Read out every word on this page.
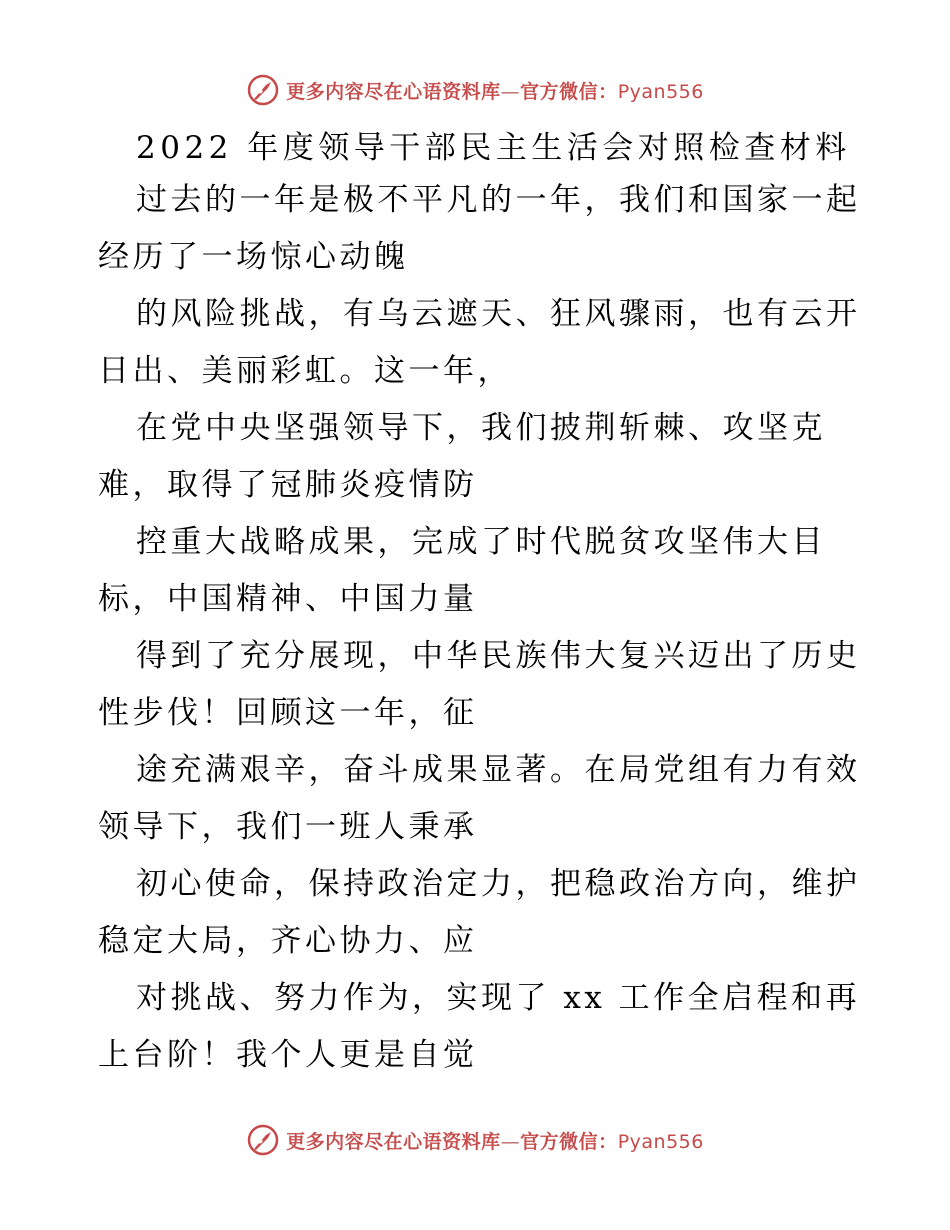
更多内容尽在心语资料库—官方微信：Pyan556
2022 年度领导干部民主生活会对照检查材料
过去的一年是极不平凡的一年，我们和国家一起
经历了一场惊心动魄
的风险挑战，有乌云遮天、狂风骤雨，也有云开
日出、美丽彩虹。这一年，
在党中央坚强领导下，我们披荆斩棘、攻坚克
难，取得了冠肺炎疫情防
控重大战略成果，完成了时代脱贫攻坚伟大目
标，中国精神、中国力量
得到了充分展现，中华民族伟大复兴迈出了历史
性步伐！回顾这一年，征
途充满艰辛，奋斗成果显著。在局党组有力有效
领导下，我们一班人秉承
初心使命，保持政治定力，把稳政治方向，维护
稳定大局，齐心协力、应
对挑战、努力作为，实现了 xx 工作全启程和再
上台阶！我个人更是自觉
更多内容尽在心语资料库—官方微信：Pyan556
